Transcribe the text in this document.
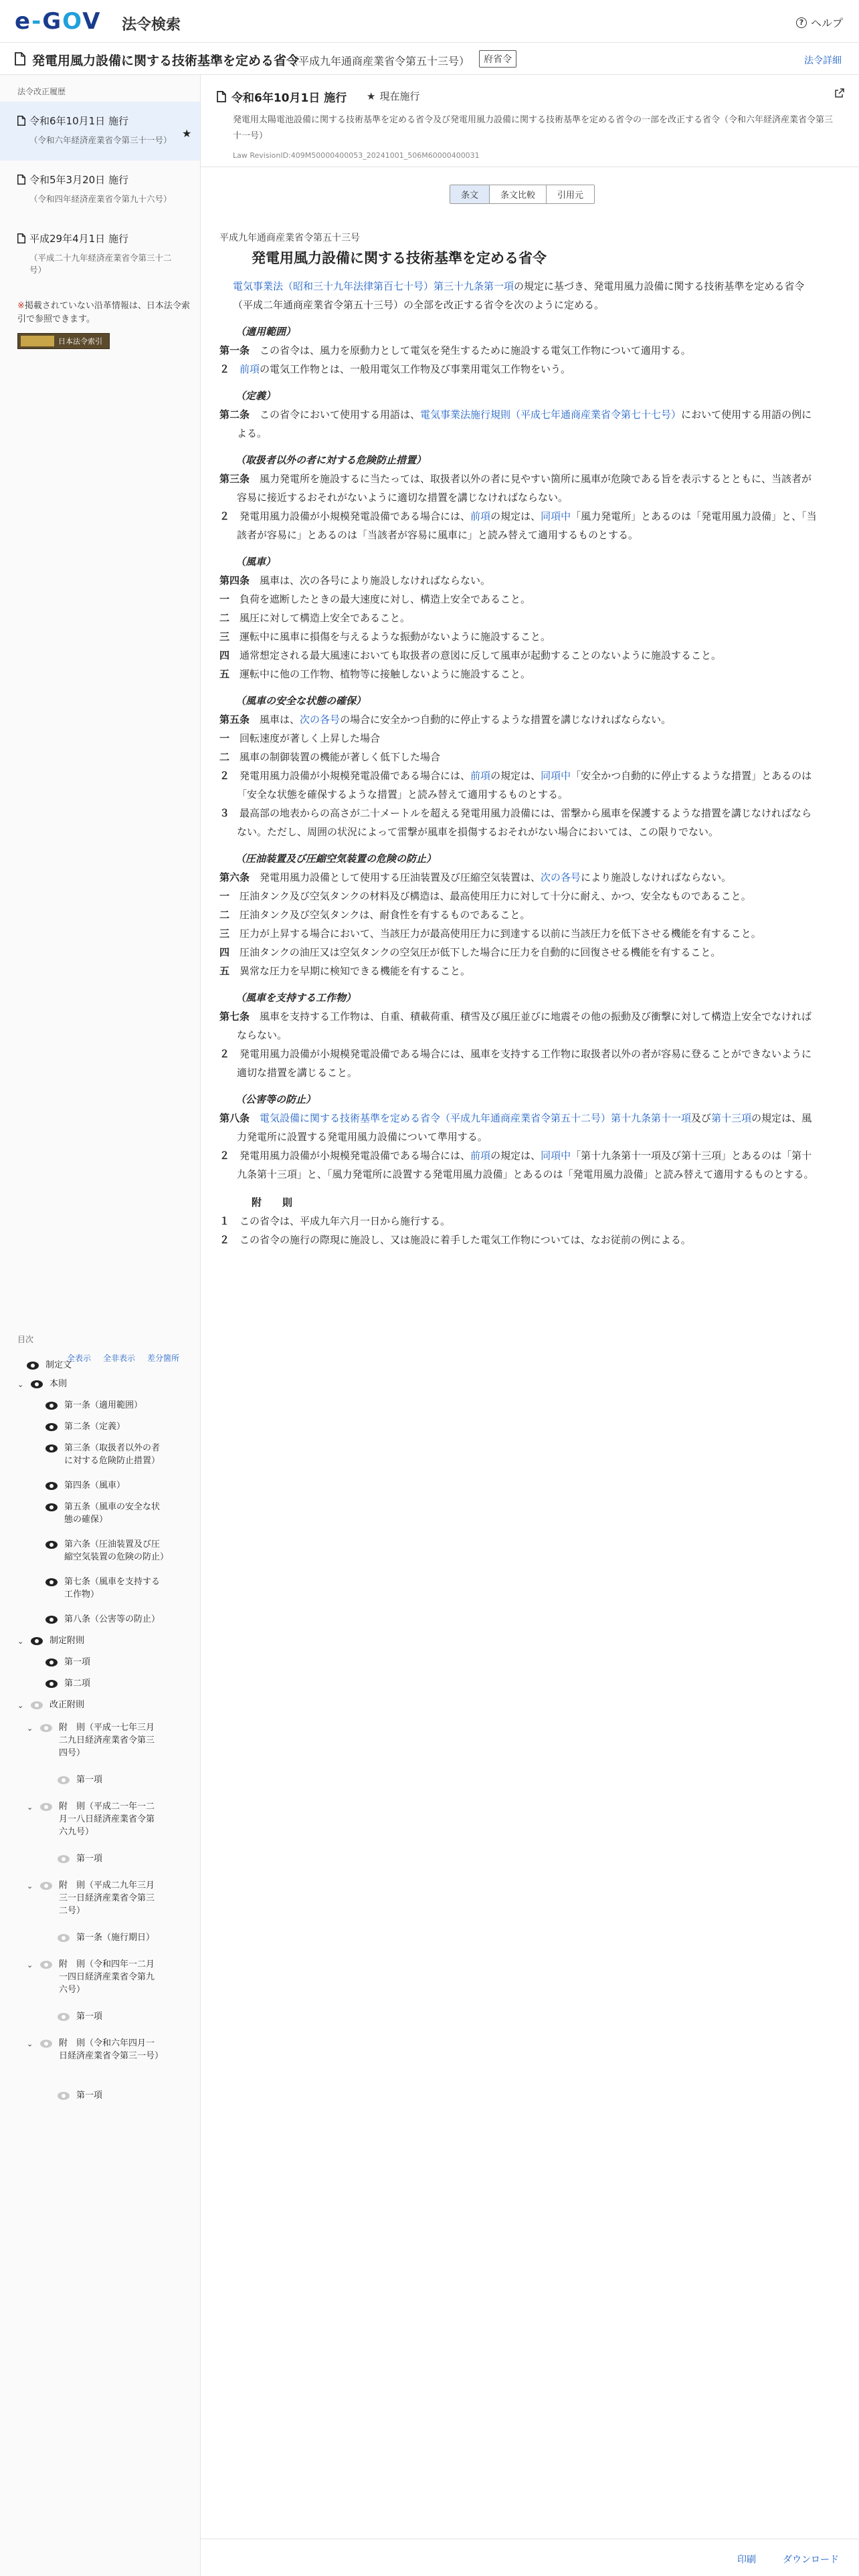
e-GOV 法令検索	? ヘルプ
発電用風力設備に関する技術基準を定める省令
（平成九年通商産業省令第五十三号）	府省令	法令詳細
法令改正履歴
令和6年10月1日 施行
（令和六年経済産業省令第三十一号）
★
令和5年3月20日 施行
（令和四年経済産業省令第九十六号）
平成29年4月1日 施行
（平成二十九年経済産業省令第三十二号）
※掲載されていない沿革情報は、日本法令索引で参照できます。
日本法令索引
目次
全表示 全非表示 差分箇所
制定文
⌄	本則
第一条（適用範囲）
第二条（定義）
第三条（取扱者以外の者に対する危険防止措置）
第四条（風車）
第五条（風車の安全な状態の確保）
第六条（圧油装置及び圧縮空気装置の危険の防止）
第七条（風車を支持する工作物）
第八条（公害等の防止）
⌄	制定附則
第一項
第二項
⌄	改正附則
⌄	附　則（平成一七年三月二九日経済産業省令第三四号）
第一項
⌄	附　則（平成二一年一二月一八日経済産業省令第六九号）
第一項
⌄	附　則（平成二九年三月三一日経済産業省令第三二号）
第一条（施行期日）
⌄	附　則（令和四年一二月一四日経済産業省令第九六号）
第一項
⌄	附　則（令和六年四月一日経済産業省令第三一号）
第一項
令和6年10月1日 施行 ★ 現在施行
発電用太陽電池設備に関する技術基準を定める省令及び発電用風力設備に関する技術基準を定める省令の一部を改正する省令（令和六年経済産業省令第三十一号）
Law RevisionID:409M50000400053_20241001_506M60000400031
条文	条文比較	引用元
平成九年通商産業省令第五十三号
発電用風力設備に関する技術基準を定める省令

電気事業法（昭和三十九年法律第百七十号）第三十九条第一項の規定に基づき、発電用風力設備に関する技術基準を定める省令（平成二年通商産業省令第五十三号）の全部を改正する省令を次のように定める。

（適用範囲）

第一条　 この省令は、風力を原動力として電気を発生するために施設する電気工作物について適用する。

２　 前項の電気工作物とは、一般用電気工作物及び事業用電気工作物をいう。

（定義）

第二条　 この省令において使用する用語は、電気事業法施行規則（平成七年通商産業省令第七十七号）において使用する用語の例による。

（取扱者以外の者に対する危険防止措置）

第三条　 風力発電所を施設するに当たっては、取扱者以外の者に見やすい箇所に風車が危険である旨を表示するとともに、当該者が容易に接近するおそれがないように適切な措置を講じなければならない。

２　 発電用風力設備が小規模発電設備である場合には、前項の規定は、同項中「風力発電所」とあるのは「発電用風力設備」と、「当該者が容易に」とあるのは「当該者が容易に風車に」と読み替えて適用するものとする。

（風車）

第四条　 風車は、次の各号により施設しなければならない。

一　 負荷を遮断したときの最大速度に対し、構造上安全であること。

二　 風圧に対して構造上安全であること。

三　 運転中に風車に損傷を与えるような振動がないように施設すること。

四　 通常想定される最大風速においても取扱者の意図に反して風車が起動することのないように施設すること。

五　 運転中に他の工作物、植物等に接触しないように施設すること。

（風車の安全な状態の確保）

第五条　 風車は、次の各号の場合に安全かつ自動的に停止するような措置を講じなければならない。

一　 回転速度が著しく上昇した場合

二　 風車の制御装置の機能が著しく低下した場合

２　 発電用風力設備が小規模発電設備である場合には、前項の規定は、同項中「安全かつ自動的に停止するような措置」とあるのは「安全な状態を確保するような措置」と読み替えて適用するものとする。

３　 最高部の地表からの高さが二十メートルを超える発電用風力設備には、雷撃から風車を保護するような措置を講じなければならない。ただし、周囲の状況によって雷撃が風車を損傷するおそれがない場合においては、この限りでない。

（圧油装置及び圧縮空気装置の危険の防止）

第六条　 発電用風力設備として使用する圧油装置及び圧縮空気装置は、次の各号により施設しなければならない。

一　 圧油タンク及び空気タンクの材料及び構造は、最高使用圧力に対して十分に耐え、かつ、安全なものであること。

二　 圧油タンク及び空気タンクは、耐食性を有するものであること。

三　 圧力が上昇する場合において、当該圧力が最高使用圧力に到達する以前に当該圧力を低下させる機能を有すること。

四　 圧油タンクの油圧又は空気タンクの空気圧が低下した場合に圧力を自動的に回復させる機能を有すること。

五　 異常な圧力を早期に検知できる機能を有すること。

（風車を支持する工作物）

第七条　 風車を支持する工作物は、自重、積載荷重、積雪及び風圧並びに地震その他の振動及び衝撃に対して構造上安全でなければならない。

２　 発電用風力設備が小規模発電設備である場合には、風車を支持する工作物に取扱者以外の者が容易に登ることができないように適切な措置を講じること。

（公害等の防止）

第八条　 電気設備に関する技術基準を定める省令（平成九年通商産業省令第五十二号）第十九条第十一項及び第十三項の規定は、風力発電所に設置する発電用風力設備について準用する。

２　 発電用風力設備が小規模発電設備である場合には、前項の規定は、同項中「第十九条第十一項及び第十三項」とあるのは「第十九条第十三項」と、「風力発電所に設置する発電用風力設備」とあるのは「発電用風力設備」と読み替えて適用するものとする。

附　則

１　 この省令は、平成九年六月一日から施行する。

２　 この省令の施行の際現に施設し、又は施設に着手した電気工作物については、なお従前の例による。

印刷	ダウンロード
